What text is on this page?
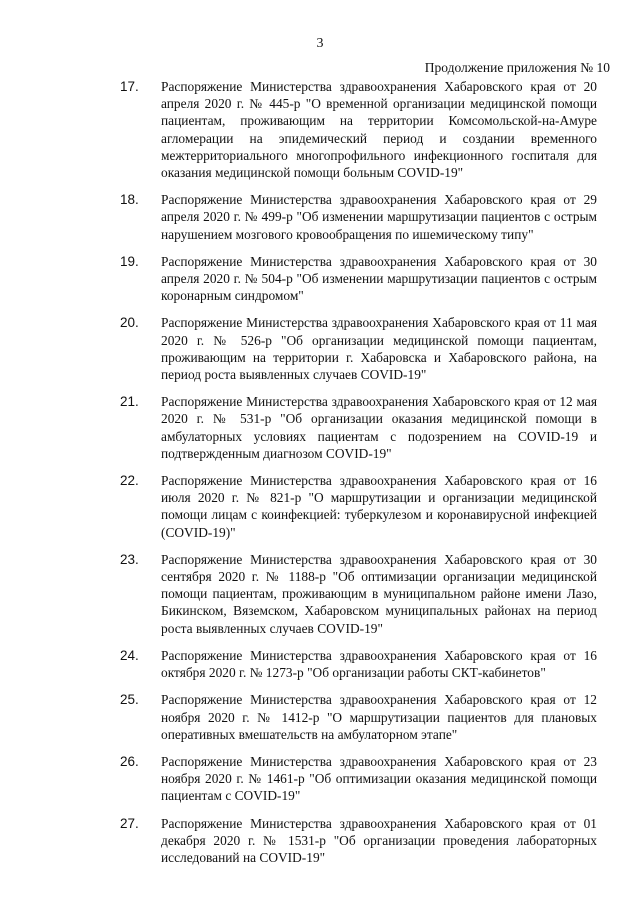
3
Продолжение приложения № 10
17. Распоряжение Министерства здравоохранения Хабаровского края от 20 апреля 2020 г. № 445-р "О временной организации медицинской помощи пациентам, проживающим на территории Комсомольской-на-Амуре агломерации на эпидемический период и создании временного межтерриториального многопрофильного инфекционного госпиталя для оказания медицинской помощи больным COVID-19"
18. Распоряжение Министерства здравоохранения Хабаровского края от 29 апреля 2020 г. № 499-р "Об изменении маршрутизации пациентов с острым нарушением мозгового кровообращения по ишемическому типу"
19. Распоряжение Министерства здравоохранения Хабаровского края от 30 апреля 2020 г. № 504-р "Об изменении маршрутизации пациентов с острым коронарным синдромом"
20. Распоряжение Министерства здравоохранения Хабаровского края от 11 мая 2020 г. № 526-р "Об организации медицинской помощи пациентам, проживающим на территории г. Хабаровска и Хабаровского района, на период роста выявленных случаев COVID-19"
21. Распоряжение Министерства здравоохранения Хабаровского края от 12 мая 2020 г. № 531-р "Об организации оказания медицинской помощи в амбулаторных условиях пациентам с подозрением на COVID-19 и подтвержденным диагнозом COVID-19"
22. Распоряжение Министерства здравоохранения Хабаровского края от 16 июля 2020 г. № 821-р "О маршрутизации и организации медицинской помощи лицам с коинфекцией: туберкулезом и коронавирусной инфекцией (COVID-19)"
23. Распоряжение Министерства здравоохранения Хабаровского края от 30 сентября 2020 г. № 1188-р "Об оптимизации организации медицинской помощи пациентам, проживающим в муниципальном районе имени Лазо, Бикинском, Вяземском, Хабаровском муниципальных районах на период роста выявленных случаев COVID-19"
24. Распоряжение Министерства здравоохранения Хабаровского края от 16 октября 2020 г. № 1273-р "Об организации работы СКТ-кабинетов"
25. Распоряжение Министерства здравоохранения Хабаровского края от 12 ноября 2020 г. № 1412-р "О маршрутизации пациентов для плановых оперативных вмешательств на амбулаторном этапе"
26. Распоряжение Министерства здравоохранения Хабаровского края от 23 ноября 2020 г. № 1461-р "Об оптимизации оказания медицинской помощи пациентам с COVID-19"
27. Распоряжение Министерства здравоохранения Хабаровского края от 01 декабря 2020 г. № 1531-р "Об организации проведения лабораторных исследований на COVID-19"
